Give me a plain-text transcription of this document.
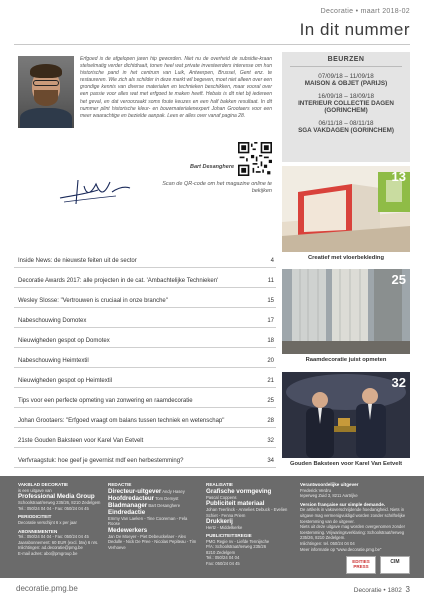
Decoratie • maart 2018-02
In dit nummer
Erfgoed is de afgelopen jaren hip geworden. Niet nu de overheid de subsidie-kraan stelselmatig verder dichtdraait, tonen heel wat private investeerders interesse om hun historische pand in het centrum van Luik, Antwerpen, Brussel, Gent enz. te restaureren. Wie zich als schilder in deze markt wil begeven, moet niet alleen over een grondige kennis van diverse materialen en technieken beschikken, maar vooral over een passie voor alles wat met erfgoed te maken heeft. Hebais is dit niet bij iedereen het geval, en dat veroorzaakt soms foute keuzes en een half bakken resultaat. In dit nummer plint historische kleur- en bouwmaterialenexpert Johan Grootaers voor een meer waarachtige en bezielde aanpak. Lees er alles over vanaf pagina 28.
Bart Desanghere
Scan de QR-code om het magazine online te bekijken
BEURZEN
07/09/18 – 11/09/18
MAISON & OBJET (PARIJS)
16/09/18 – 18/09/18
INTERIEUR COLLECTIE DAGEN (GORINCHEM)
06/11/18 – 08/11/18
SGA VAKDAGEN (GORINCHEM)
13
Creatief met vloerbekleding
25
Raamdecoratie juist opmeten
32
Gouden Baksteen voor Karel Van Eetvelt
Inside News: de nieuwste feiten uit de sector	4
Decoratie Awards 2017: alle projecten in de cat. 'Ambachtelijke Technieken'	11
Wesley Slosse: "Vertrouwen is cruciaal in onze branche"	15
Nabeschouwing Domotex	17
Nieuwigheden gespot op Domotex	18
Nabeschouwing Heimtextil	20
Nieuwigheden gespot op Heimtextil	21
Tips voor een perfecte opmeting van zonwering en raamdecoratie	25
Johan Grootaers: "Erfgoed vraagt om balans tussen techniek en wetenschap"	28
21ste Gouden Baksteen voor Karel Van Eetvelt	32
Verfvraagstuk: hoe geef je gevernist mdf een herbestemming?	34
VAKBLAD DECORATIE
is een uitgave van
Professional Media Group
Schoolstraat/Ierweg 235/26, 8210 Zedelgem
Tel.: 050/24 04 04 - Fax: 050/24 04 45
PERIODICITEIT
Decoratie verschijnt 6 x per jaar
ABONNEMENTEN
Tel.: 050/24 04 04 - Fax: 050/24 04 45
Jaarabonnement: 60 EUR (excl. btw) 6 nrs.
Inlichtingen: ad.decoratie@pmg.be
E-mail adres: abo@pmgroup.be
REDACTIE
Directeur-uitgever Andy Hasey
Hoofdredacteur Tom Demyst
Bladmanager Bart Desanghere
Eindredactie
Emmy Van Laeken - Tine Cooreman - Fela Roose
Medewerkers
Jan De Moeyer - Piet Debeuckelaer - Alex Dedulle - Nick De Pree - Nicolas Pepiteau - Tim Verhoeve
REALISATIE
Grafische vormgeving
Pascal Coppens
Publiciteit materiaal
Johan Teerlinck - Annelies Debuck - Evelien Schiet - Fenna Priem
Drukkerij
Hertz - Middelkerke
PUBLICITEITSREGIE
PMG Regie nv - Liefde Tennijsche
P/A: Schoolstraat/Ierweg 235/26
8210 Zedelgem
Tel.: 050/24 04 04
Fax: 050/24 04 45
Verantwoordelijke uitgever
Frederick Verdru
Ieperweg Zuid 3, 8211 Aartrijke
Version française sur simple demande.
De artikels in vakoverschrijdende hoedanigheid. Niets in uitgave mag vermenigvuldigd worden zonder schriftelijke toestemming van de uitgever.
Niets uit deze uitgave mag worden overgenomen zonder toestemming. Vrijwaringsverklaring: Schoolstraat/Ierweg 235/26, 8210 Zedelgem.
Inlichtingen: tel. 050/24 04 04
Meer informatie op "www.decoratie.pmg.be"
EDITIES PRESS
CIM
decoratie.pmg.be	Decoratie • 1802 3
